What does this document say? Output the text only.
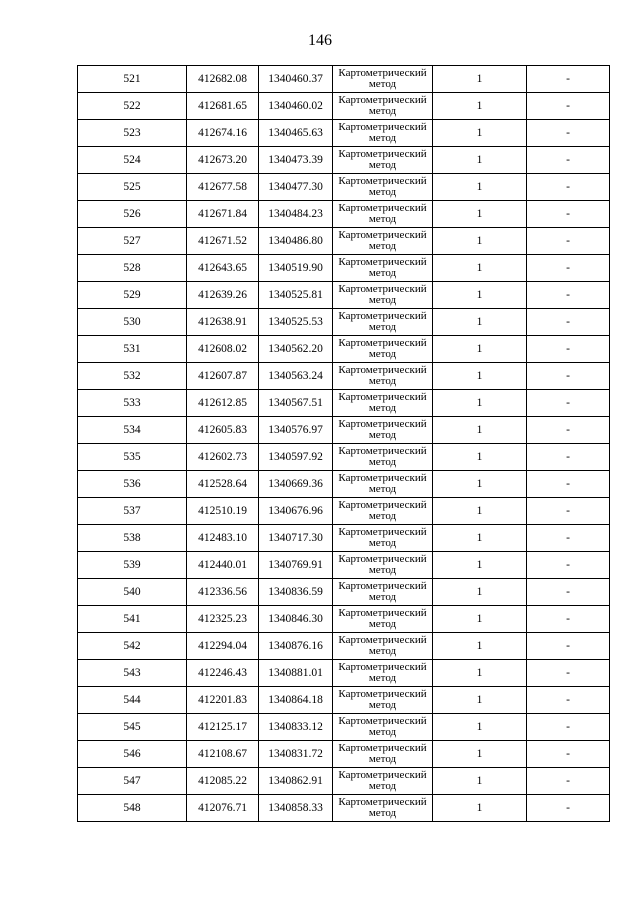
146
521	412682.08	1340460.37	Картометрический метод	1	-
522	412681.65	1340460.02	Картометрический метод	1	-
523	412674.16	1340465.63	Картометрический метод	1	-
524	412673.20	1340473.39	Картометрический метод	1	-
525	412677.58	1340477.30	Картометрический метод	1	-
526	412671.84	1340484.23	Картометрический метод	1	-
527	412671.52	1340486.80	Картометрический метод	1	-
528	412643.65	1340519.90	Картометрический метод	1	-
529	412639.26	1340525.81	Картометрический метод	1	-
530	412638.91	1340525.53	Картометрический метод	1	-
531	412608.02	1340562.20	Картометрический метод	1	-
532	412607.87	1340563.24	Картометрический метод	1	-
533	412612.85	1340567.51	Картометрический метод	1	-
534	412605.83	1340576.97	Картометрический метод	1	-
535	412602.73	1340597.92	Картометрический метод	1	-
536	412528.64	1340669.36	Картометрический метод	1	-
537	412510.19	1340676.96	Картометрический метод	1	-
538	412483.10	1340717.30	Картометрический метод	1	-
539	412440.01	1340769.91	Картометрический метод	1	-
540	412336.56	1340836.59	Картометрический метод	1	-
541	412325.23	1340846.30	Картометрический метод	1	-
542	412294.04	1340876.16	Картометрический метод	1	-
543	412246.43	1340881.01	Картометрический метод	1	-
544	412201.83	1340864.18	Картометрический метод	1	-
545	412125.17	1340833.12	Картометрический метод	1	-
546	412108.67	1340831.72	Картометрический метод	1	-
547	412085.22	1340862.91	Картометрический метод	1	-
548	412076.71	1340858.33	Картометрический метод	1	-
